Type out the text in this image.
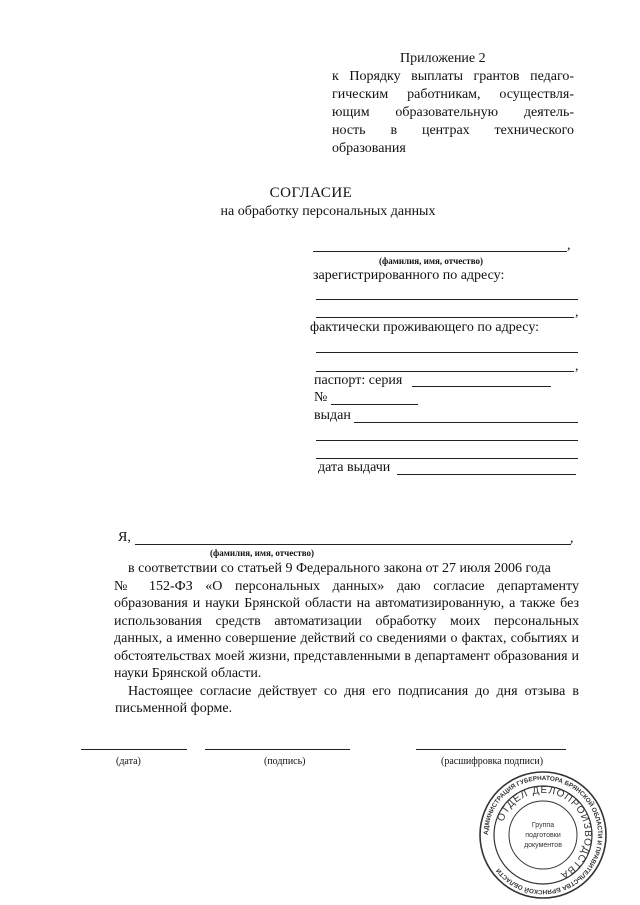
Приложение 2
к Порядку выплаты грантов педаго-
гическим работникам, осуществля-
ющим образовательную деятель-
ность в центрах технического
образования
СОГЛАСИЕ
на обработку персональных данных
,
(фамилия, имя, отчество)
зарегистрированного по адресу:
,
фактически проживающего по адресу:
,
паспорт: серия
№
выдан
дата выдачи
Я,	,
(фамилия, имя, отчество)

в соответствии со статьей 9 Федерального закона от 27 июля 2006 года

№ 152-ФЗ «О персональных данных» даю согласие департаменту образования и науки Брянской области на автоматизированную, а также без использования средств автоматизации обработку моих персональных данных, а именно совершение действий со сведениями о фактах, событиях и обстоятельствах моей жизни, представленными в департамент образования и науки Брянской области.

Настоящее согласие действует со дня его подписания до дня отзыва в письменной форме.

(дата)	(подпись)	(расшифровка подписи)
АДМИНИСТРАЦИЯ ГУБЕРНАТОРА БРЯНСКОЙ ОБЛАСТИ И ПРАВИТЕЛЬСТВА БРЯНСКОЙ ОБЛАСТИ
ОТДЕЛ ДЕЛОПРОИЗВОДСТВА
Группа
подготовки
документов
